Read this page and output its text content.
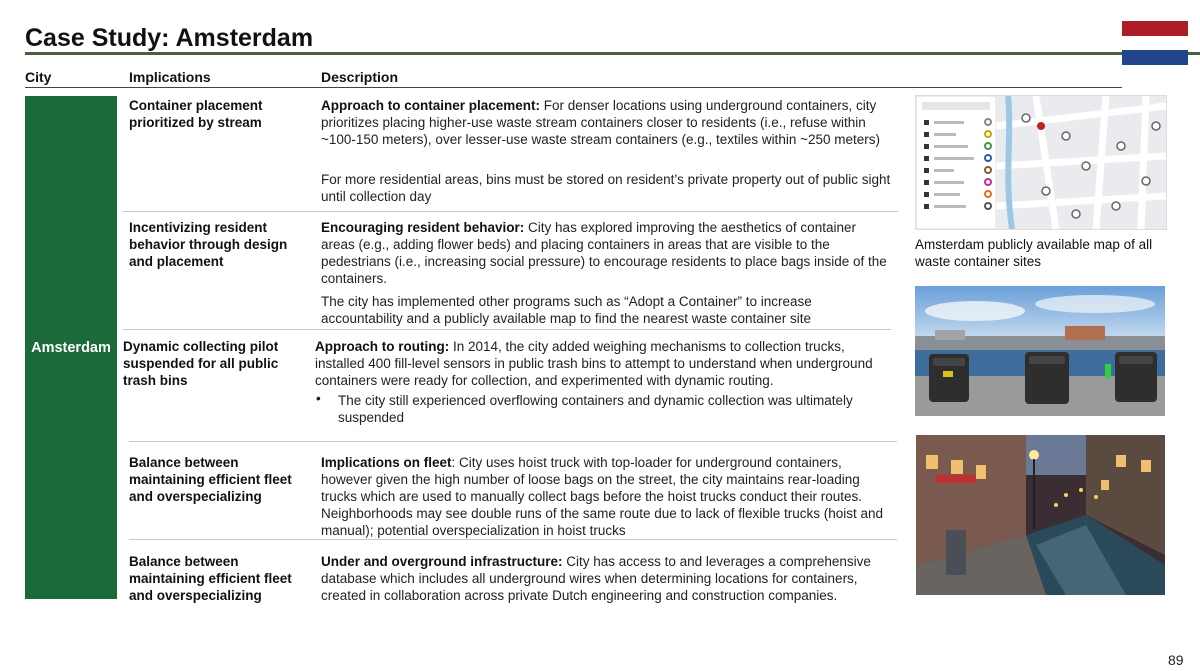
Case Study: Amsterdam
City	Implications	Description
Amsterdam
Container placement prioritized by stream
Approach to container placement: For denser locations using underground containers, city prioritizes placing higher-use waste stream containers closer to residents (i.e., refuse within ~100-150 meters), over lesser-use waste stream containers (e.g., textiles within ~250 meters)
For more residential areas, bins must be stored on resident’s private property out of public sight until collection day
Incentivizing resident behavior through design and placement
Encouraging resident behavior: City has explored improving the aesthetics of container areas (e.g., adding flower beds) and placing containers in areas that are visible to the pedestrians (i.e., increasing social pressure) to encourage residents to place bags inside of the containers.
The city has implemented other programs such as “Adopt a Container” to increase accountability and a publicly available map to find the nearest waste container site
Dynamic collecting pilot suspended for all public trash bins
Approach to routing: In 2014, the city added weighing mechanisms to collection trucks, installed 400 fill-level sensors in public trash bins to attempt to understand when underground containers were ready for collection, and experimented with dynamic routing.
• The city still experienced overflowing containers and dynamic collection was ultimately suspended
Balance between maintaining efficient fleet and overspecializing
Implications on fleet: City uses hoist truck with top-loader for underground containers, however given the high number of loose bags on the street, the city maintains rear-loading trucks which are used to manually collect bags before the hoist trucks conduct their routes. Neighborhoods may see double runs of the same route due to lack of flexible trucks (hoist and manual); potential overspecialization in hoist trucks
Balance between maintaining efficient fleet and overspecializing
Under and overground infrastructure: City has access to and leverages a comprehensive database which includes all underground wires when determining locations for containers, created in collaboration across private Dutch engineering and construction companies.
Amsterdam publicly available map of all waste container sites
89
